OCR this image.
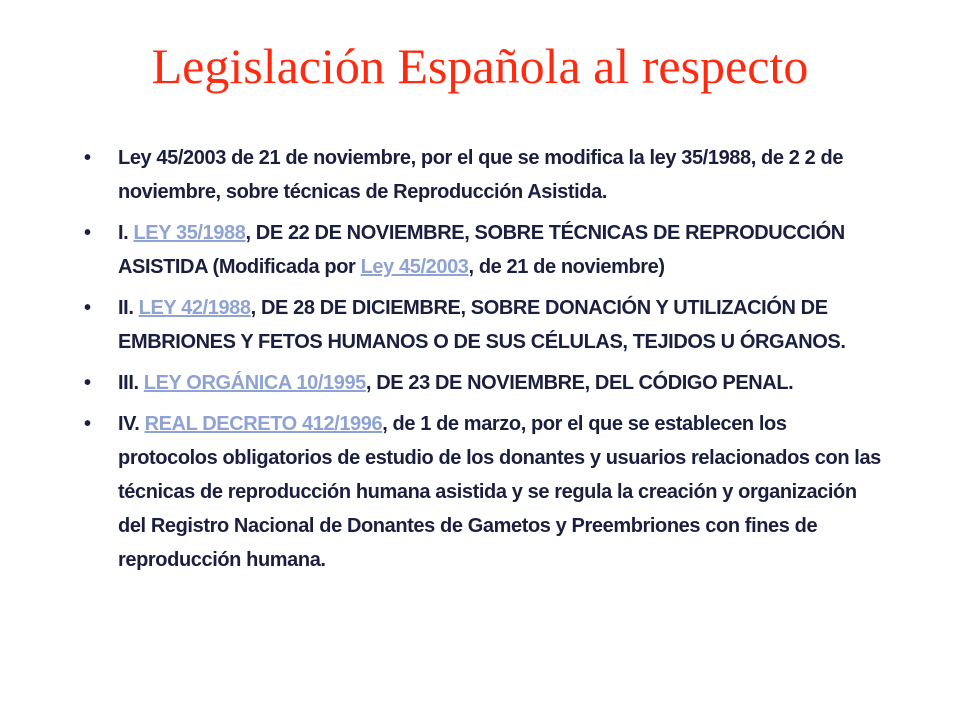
Legislación Española al respecto
•	Ley 45/2003 de 21 de noviembre, por el que se modifica la ley 35/1988, de 2 2 de noviembre, sobre técnicas de Reproducción Asistida.
•	I. LEY 35/1988, DE 22 DE NOVIEMBRE, SOBRE TÉCNICAS DE REPRODUCCIÓN ASISTIDA (Modificada por Ley 45/2003, de 21 de noviembre)
•	II. LEY 42/1988, DE 28 DE DICIEMBRE, SOBRE DONACIÓN Y UTILIZACIÓN DE EMBRIONES Y FETOS HUMANOS O DE SUS CÉLULAS, TEJIDOS U ÓRGANOS.
•	III. LEY ORGÁNICA 10/1995, DE 23 DE NOVIEMBRE, DEL CÓDIGO PENAL.
•	IV. REAL DECRETO 412/1996, de 1 de marzo, por el que se establecen los protocolos obligatorios de estudio de los donantes y usuarios relacionados con las técnicas de reproducción humana asistida y se regula la creación y organización del Registro Nacional de Donantes de Gametos y Preembriones con fines de reproducción humana.
